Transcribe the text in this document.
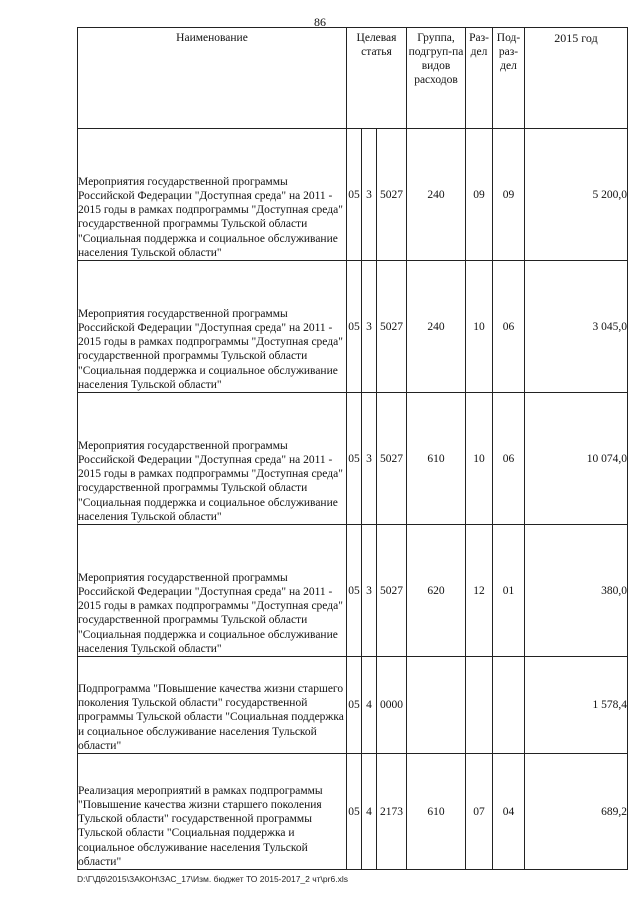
86
Наименование	Целевая статья			Группа, подгруп-па видов расходов	Раз-дел	Под-раз-дел	2015 год
Мероприятия государственной программы Российской Федерации "Доступная среда" на 2011 - 2015 годы в рамках подпрограммы "Доступная среда" государственной программы Тульской области "Социальная поддержка и социальное обслуживание населения Тульской области"	05	3	5027	240	09	09	5 200,0
Мероприятия государственной программы Российской Федерации "Доступная среда" на 2011 - 2015 годы в рамках подпрограммы "Доступная среда" государственной программы Тульской области "Социальная поддержка и социальное обслуживание населения Тульской области"	05	3	5027	240	10	06	3 045,0
Мероприятия государственной программы Российской Федерации "Доступная среда" на 2011 - 2015 годы в рамках подпрограммы "Доступная среда" государственной программы Тульской области "Социальная поддержка и социальное обслуживание населения Тульской области"	05	3	5027	610	10	06	10 074,0
Мероприятия государственной программы Российской Федерации "Доступная среда" на 2011 - 2015 годы в рамках подпрограммы "Доступная среда" государственной программы Тульской области "Социальная поддержка и социальное обслуживание населения Тульской области"	05	3	5027	620	12	01	380,0
Подпрограмма "Повышение качества жизни старшего поколения Тульской области" государственной программы Тульской области "Социальная поддержка и социальное обслуживание населения Тульской области"	05	4	0000				1 578,4
Реализация мероприятий в рамках подпрограммы "Повышение качества жизни старшего поколения Тульской области" государственной программы Тульской области "Социальная поддержка и социальное обслуживание населения Тульской области"	05	4	2173	610	07	04	689,2
D:\Г\Д6\2015\ЗАКОН\ЗАС_17\Изм. бюджет ТО 2015-2017_2 чт\pr6.xls
